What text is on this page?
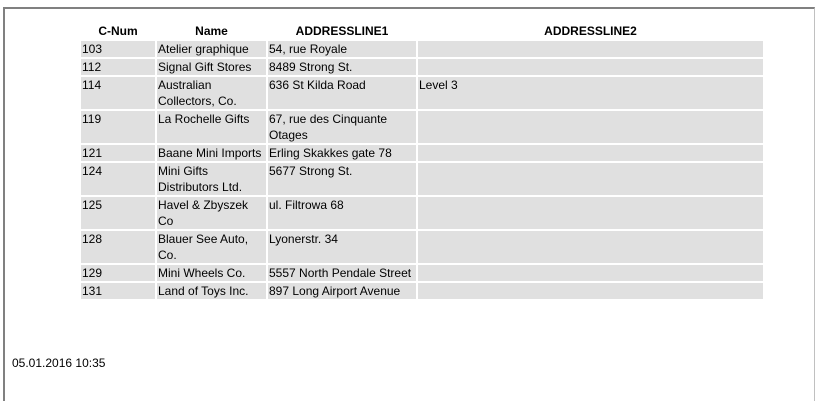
C-Num	Name	ADDRESSLINE1	ADDRESSLINE2
103	Atelier graphique	54, rue Royale	
112	Signal Gift Stores	8489 Strong St.	
114	Australian Collectors, Co.	636 St Kilda Road	Level 3
119	La Rochelle Gifts	67, rue des Cinquante Otages	
121	Baane Mini Imports	Erling Skakkes gate 78	
124	Mini Gifts Distributors Ltd.	5677 Strong St.	
125	Havel & Zbyszek Co	ul. Filtrowa 68	
128	Blauer See Auto, Co.	Lyonerstr. 34	
129	Mini Wheels Co.	5557 North Pendale Street	
131	Land of Toys Inc.	897 Long Airport Avenue	
05.01.2016 10:35
